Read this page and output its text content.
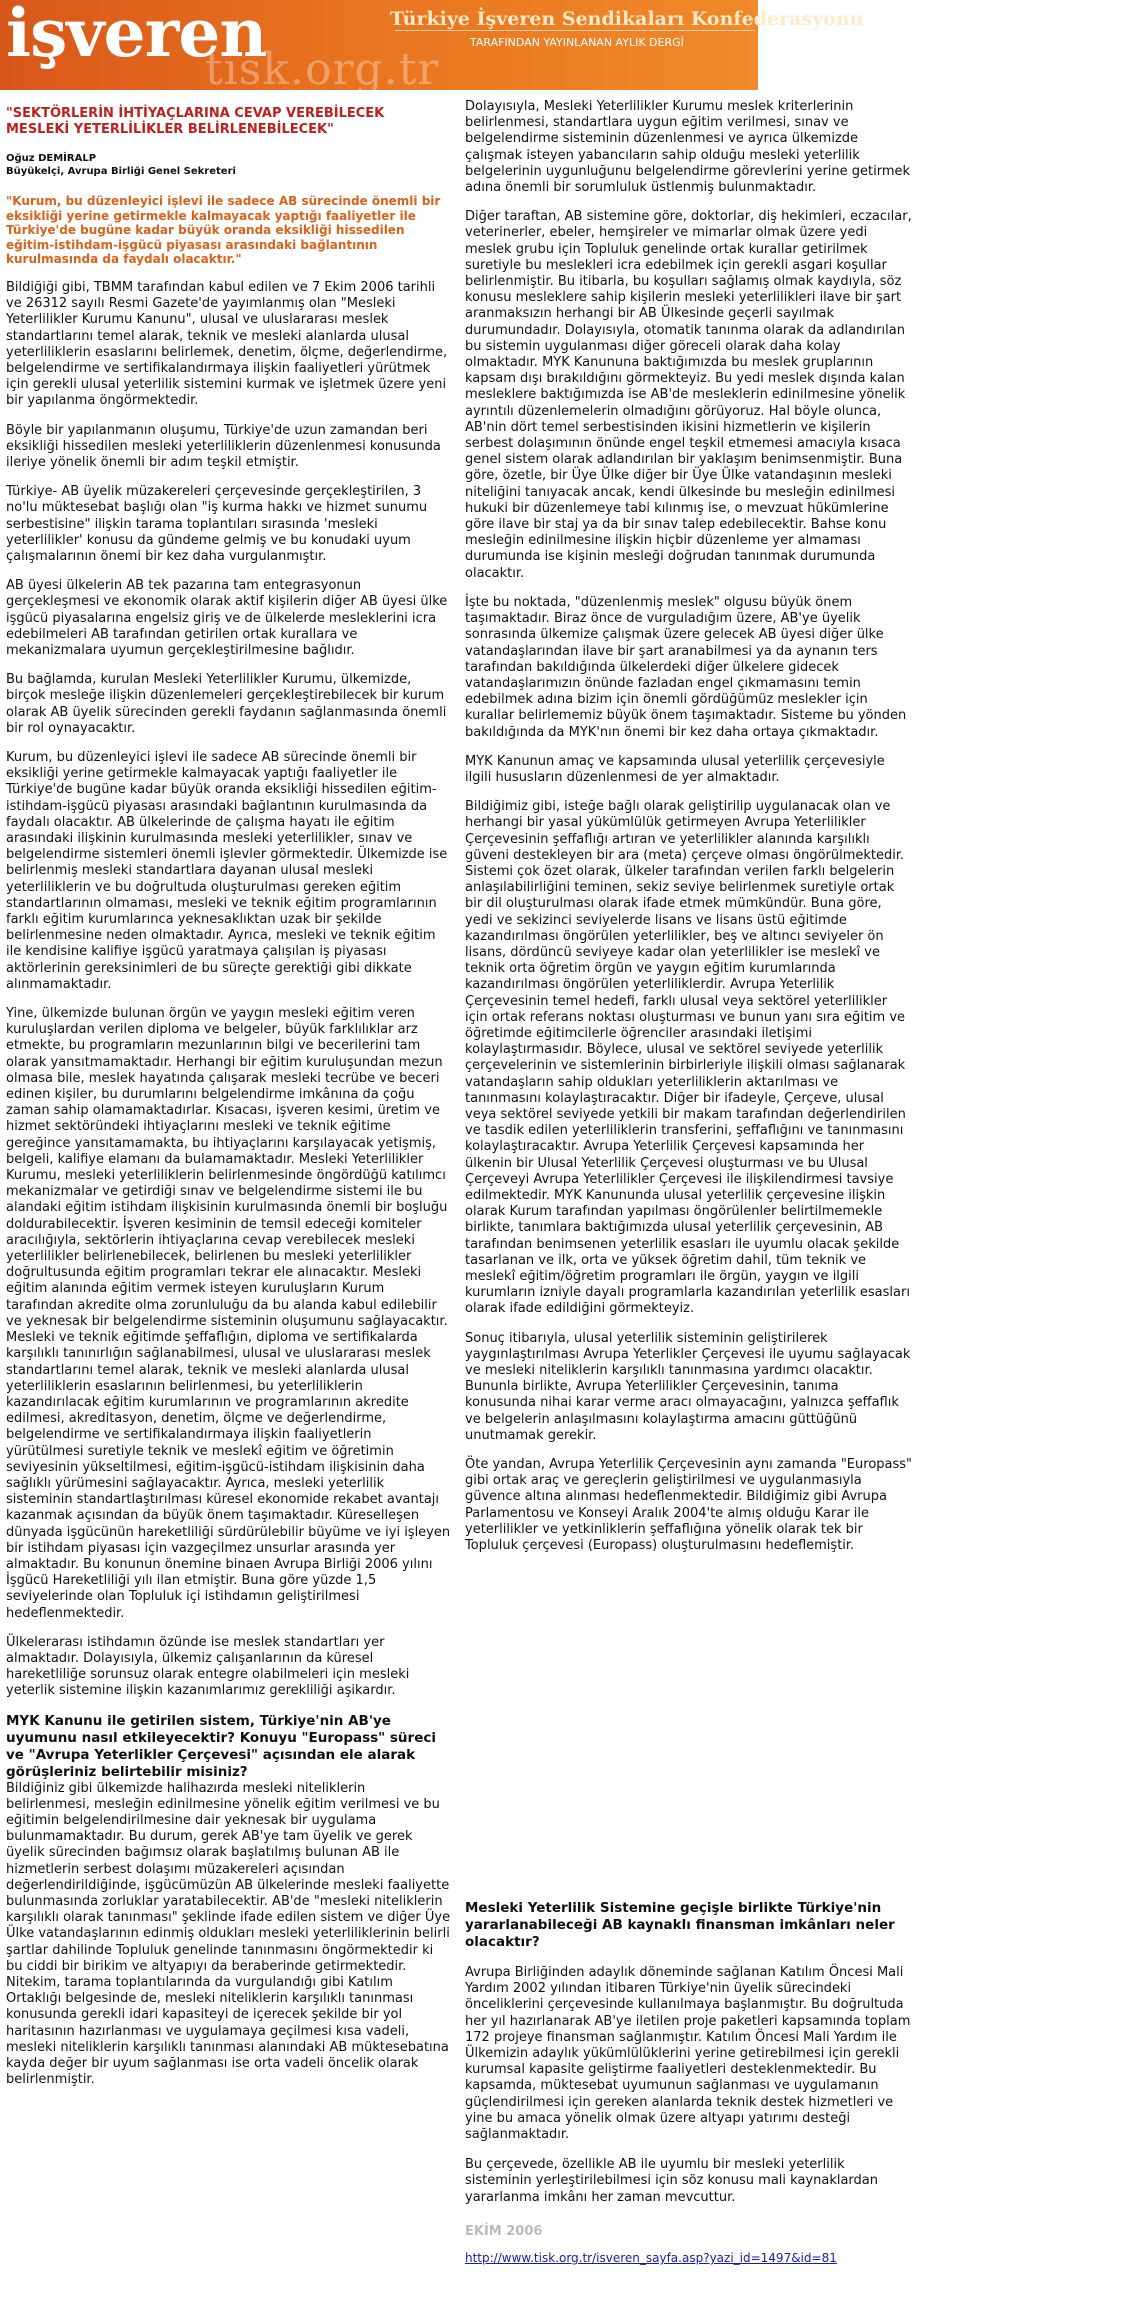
işveren
tisk.org.tr
Türkiye İşveren Sendikaları Konfederasyonu
TARAFINDAN YAYINLANAN AYLIK DERGİ

"SEKTÖRLERİN İHTİYAÇLARINA CEVAP VEREBİLECEK MESLEKİ YETERLİLİKLER BELİRLENEBİLECEK"

Oğuz DEMİRALP
Büyükelçi, Avrupa Birliği Genel Sekreteri

"Kurum, bu düzenleyici işlevi ile sadece AB sürecinde önemli bir eksikliği yerine getirmekle kalmayacak yaptığı faaliyetler ile Türkiye'de bugüne kadar büyük oranda eksikliği hissedilen eğitim-istihdam-işgücü piyasası arasındaki bağlantının kurulmasında da faydalı olacaktır."

Bildiğiği gibi, TBMM tarafından kabul edilen ve 7 Ekim 2006 tarihli ve 26312 sayılı Resmi Gazete'de yayımlanmış olan "Mesleki Yeterlilikler Kurumu Kanunu", ulusal ve uluslararası meslek standartlarını temel alarak, teknik ve mesleki alanlarda ulusal yeterliliklerin esaslarını belirlemek, denetim, ölçme, değerlendirme, belgelendirme ve sertifikalandırmaya ilişkin faaliyetleri yürütmek için gerekli ulusal yeterlilik sistemini kurmak ve işletmek üzere yeni bir yapılanma öngörmektedir.

Böyle bir yapılanmanın oluşumu, Türkiye'de uzun zamandan beri eksikliği hissedilen mesleki yeterliliklerin düzenlenmesi konusunda ileriye yönelik önemli bir adım teşkil etmiştir.

Türkiye- AB üyelik müzakereleri çerçevesinde gerçekleştirilen, 3 no'lu müktesebat başlığı olan "iş kurma hakkı ve hizmet sunumu serbestisine" ilişkin tarama toplantıları sırasında 'mesleki yeterlilikler' konusu da gündeme gelmiş ve bu konudaki uyum çalışmalarının önemi bir kez daha vurgulanmıştır.

AB üyesi ülkelerin AB tek pazarına tam entegrasyonun gerçekleşmesi ve ekonomik olarak aktif kişilerin diğer AB üyesi ülke işgücü piyasalarına engelsiz giriş ve de ülkelerde mesleklerini icra edebilmeleri AB tarafından getirilen ortak kurallara ve mekanizmalara uyumun gerçekleştirilmesine bağlıdır.

Bu bağlamda, kurulan Mesleki Yeterlilikler Kurumu, ülkemizde, birçok mesleğe ilişkin düzenlemeleri gerçekleştirebilecek bir kurum olarak AB üyelik sürecinden gerekli faydanın sağlanmasında önemli bir rol oynayacaktır.

Kurum, bu düzenleyici işlevi ile sadece AB sürecinde önemli bir eksikliği yerine getirmekle kalmayacak yaptığı faaliyetler ile Türkiye'de bugüne kadar büyük oranda eksikliği hissedilen eğitim-istihdam-işgücü piyasası arasındaki bağlantının kurulmasında da faydalı olacaktır. AB ülkelerinde de çalışma hayatı ile eğitim arasındaki ilişkinin kurulmasında mesleki yeterlilikler, sınav ve belgelendirme sistemleri önemli işlevler görmektedir. Ülkemizde ise belirlenmiş mesleki standartlara dayanan ulusal mesleki yeterliliklerin ve bu doğrultuda oluşturulması gereken eğitim standartlarının olmaması, mesleki ve teknik eğitim programlarının farklı eğitim kurumlarınca yeknesaklıktan uzak bir şekilde belirlenmesine neden olmaktadır. Ayrıca, mesleki ve teknik eğitim ile kendisine kalifiye işgücü yaratmaya çalışılan iş piyasası aktörlerinin gereksinimleri de bu süreçte gerektiği gibi dikkate alınmamaktadır.

Yine, ülkemizde bulunan örgün ve yaygın mesleki eğitim veren kuruluşlardan verilen diploma ve belgeler, büyük farklılıklar arz etmekte, bu programların mezunlarının bilgi ve becerilerini tam olarak yansıtmamaktadır. Herhangi bir eğitim kuruluşundan mezun olmasa bile, meslek hayatında çalışarak mesleki tecrübe ve beceri edinen kişiler, bu durumlarını belgelendirme imkânına da çoğu zaman sahip olamamaktadırlar. Kısacası, işveren kesimi, üretim ve hizmet sektöründeki ihtiyaçlarını mesleki ve teknik eğitime gereğince yansıtamamakta, bu ihtiyaçlarını karşılayacak yetişmiş, belgeli, kalifiye elamanı da bulamamaktadır. Mesleki Yeterlilikler Kurumu, mesleki yeterliliklerin belirlenmesinde öngördüğü katılımcı mekanizmalar ve getirdiği sınav ve belgelendirme sistemi ile bu alandaki eğitim istihdam ilişkisinin kurulmasında önemli bir boşluğu doldurabilecektir. İşveren kesiminin de temsil edeceği komiteler aracılığıyla, sektörlerin ihtiyaçlarına cevap verebilecek mesleki yeterlilikler belirlenebilecek, belirlenen bu mesleki yeterlilikler doğrultusunda eğitim programları tekrar ele alınacaktır. Mesleki eğitim alanında eğitim vermek isteyen kuruluşların Kurum tarafından akredite olma zorunluluğu da bu alanda kabul edilebilir ve yeknesak bir belgelendirme sisteminin oluşumunu sağlayacaktır. Mesleki ve teknik eğitimde şeffaflığın, diploma ve sertifikalarda karşılıklı tanınırlığın sağlanabilmesi, ulusal ve uluslararası meslek standartlarını temel alarak, teknik ve mesleki alanlarda ulusal yeterliliklerin esaslarının belirlenmesi, bu yeterliliklerin kazandırılacak eğitim kurumlarının ve programlarının akredite edilmesi, akreditasyon, denetim, ölçme ve değerlendirme, belgelendirme ve sertifikalandırmaya ilişkin faaliyetlerin yürütülmesi suretiyle teknik ve meslekî eğitim ve öğretimin seviyesinin yükseltilmesi, eğitim-işgücü-istihdam ilişkisinin daha sağlıklı yürümesini sağlayacaktır. Ayrıca, mesleki yeterlilik sisteminin standartlaştırılması küresel ekonomide rekabet avantajı kazanmak açısından da büyük önem taşımaktadır. Küreselleşen dünyada işgücünün hareketliliği sürdürülebilir büyüme ve iyi işleyen bir istihdam piyasası için vazgeçilmez unsurlar arasında yer almaktadır. Bu konunun önemine binaen Avrupa Birliği 2006 yılını İşgücü Hareketliliği yılı ilan etmiştir. Buna göre yüzde 1,5 seviyelerinde olan Topluluk içi istihdamın geliştirilmesi hedeflenmektedir.

Ülkelerarası istihdamın özünde ise meslek standartları yer almaktadır. Dolayısıyla, ülkemiz çalışanlarının da küresel hareketliliğe sorunsuz olarak entegre olabilmeleri için mesleki yeterlik sistemine ilişkin kazanımlarımız gerekliliği aşikardır.

MYK Kanunu ile getirilen sistem, Türkiye'nin AB'ye uyumunu nasıl etkileyecektir? Konuyu "Europass" süreci ve "Avrupa Yeterlikler Çerçevesi" açısından ele alarak görüşleriniz belirtebilir misiniz?

Bildiğiniz gibi ülkemizde halihazırda mesleki niteliklerin belirlenmesi, mesleğin edinilmesine yönelik eğitim verilmesi ve bu eğitimin belgelendirilmesine dair yeknesak bir uygulama bulunmamaktadır. Bu durum, gerek AB'ye tam üyelik ve gerek üyelik sürecinden bağımsız olarak başlatılmış bulunan AB ile hizmetlerin serbest dolaşımı müzakereleri açısından değerlendirildiğinde, işgücümüzün AB ülkelerinde mesleki faaliyette bulunmasında zorluklar yaratabilecektir. AB'de "mesleki niteliklerin karşılıklı olarak tanınması" şeklinde ifade edilen sistem ve diğer Üye Ülke vatandaşlarının edinmiş oldukları mesleki yeterliliklerinin belirli şartlar dahilinde Topluluk genelinde tanınmasını öngörmektedir ki bu ciddi bir birikim ve altyapıyı da beraberinde getirmektedir. Nitekim, tarama toplantılarında da vurgulandığı gibi Katılım Ortaklığı belgesinde de, mesleki niteliklerin karşılıklı tanınması konusunda gerekli idari kapasiteyi de içerecek şekilde bir yol haritasının hazırlanması ve uygulamaya geçilmesi kısa vadeli, mesleki niteliklerin karşılıklı tanınması alanındaki AB müktesebatına kayda değer bir uyum sağlanması ise orta vadeli öncelik olarak belirlenmiştir.

Dolayısıyla, Mesleki Yeterlilikler Kurumu meslek kriterlerinin belirlenmesi, standartlara uygun eğitim verilmesi, sınav ve belgelendirme sisteminin düzenlenmesi ve ayrıca ülkemizde çalışmak isteyen yabancıların sahip olduğu mesleki yeterlilik belgelerinin uygunluğunu belgelendirme görevlerini yerine getirmek adına önemli bir sorumluluk üstlenmiş bulunmaktadır.

Diğer taraftan, AB sistemine göre, doktorlar, diş hekimleri, eczacılar, veterinerler, ebeler, hemşireler ve mimarlar olmak üzere yedi meslek grubu için Topluluk genelinde ortak kurallar getirilmek suretiyle bu meslekleri icra edebilmek için gerekli asgari koşullar belirlenmiştir. Bu itibarla, bu koşulları sağlamış olmak kaydıyla, söz konusu mesleklere sahip kişilerin mesleki yeterlilikleri ilave bir şart aranmaksızın herhangi bir AB Ülkesinde geçerli sayılmak durumundadır. Dolayısıyla, otomatik tanınma olarak da adlandırılan bu sistemin uygulanması diğer göreceli olarak daha kolay olmaktadır. MYK Kanununa baktığımızda bu meslek gruplarının kapsam dışı bırakıldığını görmekteyiz. Bu yedi meslek dışında kalan mesleklere baktığımızda ise AB'de mesleklerin edinilmesine yönelik ayrıntılı düzenlemelerin olmadığını görüyoruz. Hal böyle olunca, AB'nin dört temel serbestisinden ikisini hizmetlerin ve kişilerin serbest dolaşımının önünde engel teşkil etmemesi amacıyla kısaca genel sistem olarak adlandırılan bir yaklaşım benimsenmiştir. Buna göre, özetle, bir Üye Ülke diğer bir Üye Ülke vatandaşının mesleki niteliğini tanıyacak ancak, kendi ülkesinde bu mesleğin edinilmesi hukuki bir düzenlemeye tabi kılınmış ise, o mevzuat hükümlerine göre ilave bir staj ya da bir sınav talep edebilecektir. Bahse konu mesleğin edinilmesine ilişkin hiçbir düzenleme yer almaması durumunda ise kişinin mesleği doğrudan tanınmak durumunda olacaktır.

İşte bu noktada, "düzenlenmiş meslek" olgusu büyük önem taşımaktadır. Biraz önce de vurguladığım üzere, AB'ye üyelik sonrasında ülkemize çalışmak üzere gelecek AB üyesi diğer ülke vatandaşlarından ilave bir şart aranabilmesi ya da aynanın ters tarafından bakıldığında ülkelerdeki diğer ülkelere gidecek vatandaşlarımızın önünde fazladan engel çıkmamasını temin edebilmek adına bizim için önemli gördüğümüz meslekler için kurallar belirlememiz büyük önem taşımaktadır. Sisteme bu yönden bakıldığında da MYK'nın önemi bir kez daha ortaya çıkmaktadır.

MYK Kanunun amaç ve kapsamında ulusal yeterlilik çerçevesiyle ilgili hususların düzenlenmesi de yer almaktadır.

Bildiğimiz gibi, isteğe bağlı olarak geliştirilip uygulanacak olan ve herhangi bir yasal yükümlülük getirmeyen Avrupa Yeterlilikler Çerçevesinin şeffaflığı artıran ve yeterlilikler alanında karşılıklı güveni destekleyen bir ara (meta) çerçeve olması öngörülmektedir. Sistemi çok özet olarak, ülkeler tarafından verilen farklı belgelerin anlaşılabilirliğini teminen, sekiz seviye belirlenmek suretiyle ortak bir dil oluşturulması olarak ifade etmek mümkündür. Buna göre, yedi ve sekizinci seviyelerde lisans ve lisans üstü eğitimde kazandırılması öngörülen yeterlilikler, beş ve altıncı seviyeler ön lisans, dördüncü seviyeye kadar olan yeterlilikler ise meslekî ve teknik orta öğretim örgün ve yaygın eğitim kurumlarında kazandırılması öngörülen yeterliliklerdir. Avrupa Yeterlilik Çerçevesinin temel hedefi, farklı ulusal veya sektörel yeterlilikler için ortak referans noktası oluşturması ve bunun yanı sıra eğitim ve öğretimde eğitimcilerle öğrenciler arasındaki iletişimi kolaylaştırmasıdır. Böylece, ulusal ve sektörel seviyede yeterlilik çerçevelerinin ve sistemlerinin birbirleriyle ilişkili olması sağlanarak vatandaşların sahip oldukları yeterliliklerin aktarılması ve tanınmasını kolaylaştıracaktır. Diğer bir ifadeyle, Çerçeve, ulusal veya sektörel seviyede yetkili bir makam tarafından değerlendirilen ve tasdik edilen yeterliliklerin transferini, şeffaflığını ve tanınmasını kolaylaştıracaktır. Avrupa Yeterlilik Çerçevesi kapsamında her ülkenin bir Ulusal Yeterlilik Çerçevesi oluşturması ve bu Ulusal Çerçeveyi Avrupa Yeterlilikler Çerçevesi ile ilişkilendirmesi tavsiye edilmektedir. MYK Kanununda ulusal yeterlilik çerçevesine ilişkin olarak Kurum tarafından yapılması öngörülenler belirtilmemekle birlikte, tanımlara baktığımızda ulusal yeterlilik çerçevesinin, AB tarafından benimsenen yeterlilik esasları ile uyumlu olacak şekilde tasarlanan ve ilk, orta ve yüksek öğretim dahil, tüm teknik ve meslekî eğitim/öğretim programları ile örgün, yaygın ve ilgili kurumların izniyle dayalı programlarla kazandırılan yeterlilik esasları olarak ifade edildiğini görmekteyiz.

Sonuç itibarıyla, ulusal yeterlilik sisteminin geliştirilerek yaygınlaştırılması Avrupa Yeterlikler Çerçevesi ile uyumu sağlayacak ve mesleki niteliklerin karşılıklı tanınmasına yardımcı olacaktır. Bununla birlikte, Avrupa Yeterlilikler Çerçevesinin, tanıma konusunda nihai karar verme aracı olmayacağını, yalnızca şeffaflık ve belgelerin anlaşılmasını kolaylaştırma amacını güttüğünü unutmamak gerekir.

Öte yandan, Avrupa Yeterlilik Çerçevesinin aynı zamanda "Europass" gibi ortak araç ve gereçlerin geliştirilmesi ve uygulanmasıyla güvence altına alınması hedeflenmektedir. Bildiğimiz gibi Avrupa Parlamentosu ve Konseyi Aralık 2004'te almış olduğu Karar ile yeterlilikler ve yetkinliklerin şeffaflığına yönelik olarak tek bir Topluluk çerçevesi (Europass) oluşturulmasını hedeflemiştir.

Mesleki Yeterlilik Sistemine geçişle birlikte Türkiye'nin yararlanabileceği AB kaynaklı finansman imkânları neler olacaktır?

Avrupa Birliğinden adaylık döneminde sağlanan Katılım Öncesi Mali Yardım 2002 yılından itibaren Türkiye'nin üyelik sürecindeki önceliklerini çerçevesinde kullanılmaya başlanmıştır. Bu doğrultuda her yıl hazırlanarak AB'ye iletilen proje paketleri kapsamında toplam 172 projeye finansman sağlanmıştır. Katılım Öncesi Mali Yardım ile Ülkemizin adaylık yükümlülüklerini yerine getirebilmesi için gerekli kurumsal kapasite geliştirme faaliyetleri desteklenmektedir. Bu kapsamda, müktesebat uyumunun sağlanması ve uygulamanın güçlendirilmesi için gereken alanlarda teknik destek hizmetleri ve yine bu amaca yönelik olmak üzere altyapı yatırımı desteği sağlanmaktadır.

Bu çerçevede, özellikle AB ile uyumlu bir mesleki yeterlilik sisteminin yerleştirilebilmesi için söz konusu mali kaynaklardan yararlanma imkânı her zaman mevcuttur.

EKİM 2006
http://www.tisk.org.tr/isveren_sayfa.asp?yazi_id=1497&id=81
